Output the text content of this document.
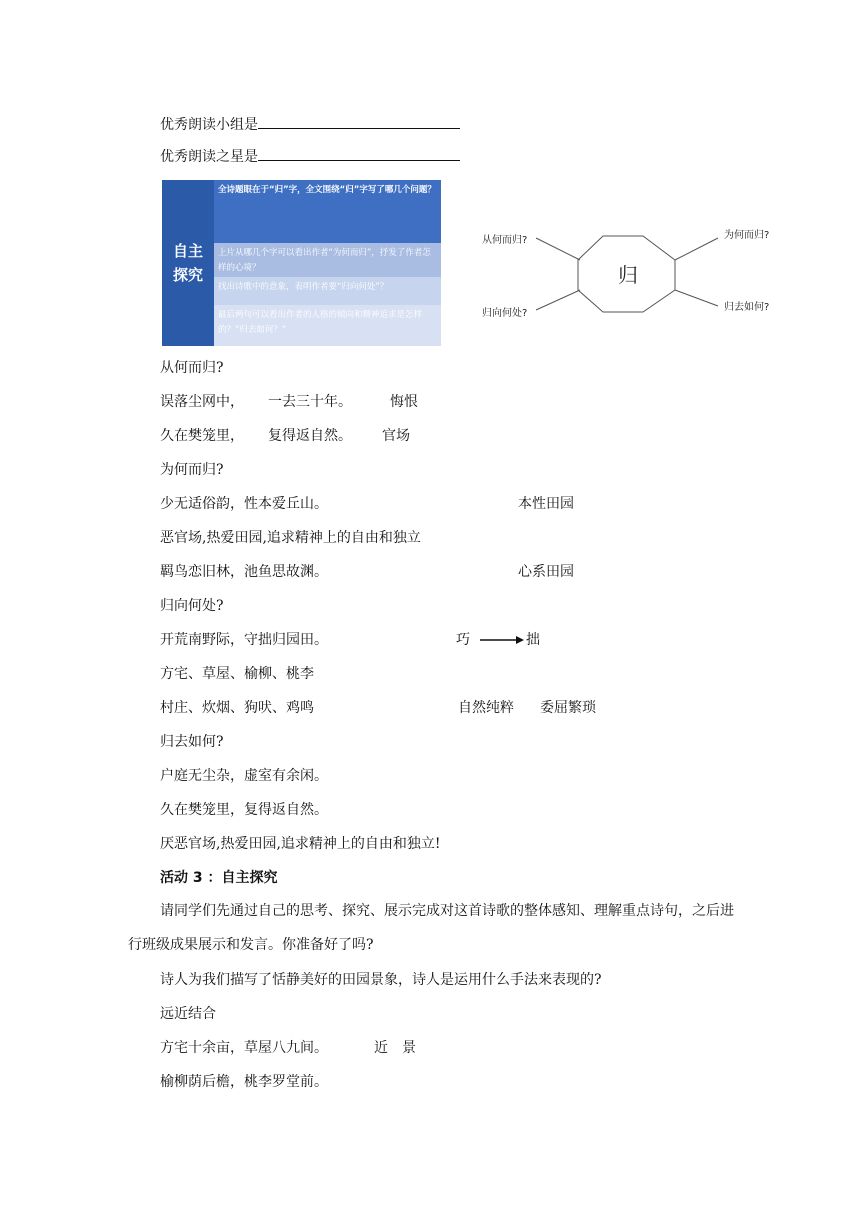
优秀朗读小组是
优秀朗读之星是
自主
探究
全诗题眼在于“归”字，全文围绕“归”字写了哪几个问题？
上片从哪几个字可以看出作者“为何而归”，抒发了作者怎样的心境？
找出诗歌中的意象，表明作者要“归向何处”？
最后两句可以看出作者的人格的倾向和精神追求是怎样的？“归去如何？”
归
从何而归?	为何而归?
归向何处?
归去如何?
从何而归?
误落尘网中， 一去三十年。	悔恨
久在樊笼里， 复得返自然。 官场
为何而归?
少无适俗韵，性本爱丘山。	本性田园
恶官场,热爱田园,追求精神上的自由和独立
羁鸟恋旧林，池鱼思故渊。	心系田园
归向何处?
开荒南野际，守拙归园田。	巧	拙
方宅、草屋、榆柳、桃李
村庄、炊烟、狗吠、鸡鸣	自然纯粹 委屈繁琐
归去如何?
户庭无尘杂，虚室有余闲。
久在樊笼里，复得返自然。
厌恶官场,热爱田园,追求精神上的自由和独立!
活动 3 ：自主探究
请同学们先通过自己的思考、探究、展示完成对这首诗歌的整体感知、理解重点诗句，之后进行班级成果展示和发言。你准备好了吗?
诗人为我们描写了恬静美好的田园景象，诗人是运用什么手法来表现的?
远近结合
方宅十余亩，草屋八九间。	近　景
榆柳荫后檐，桃李罗堂前。
